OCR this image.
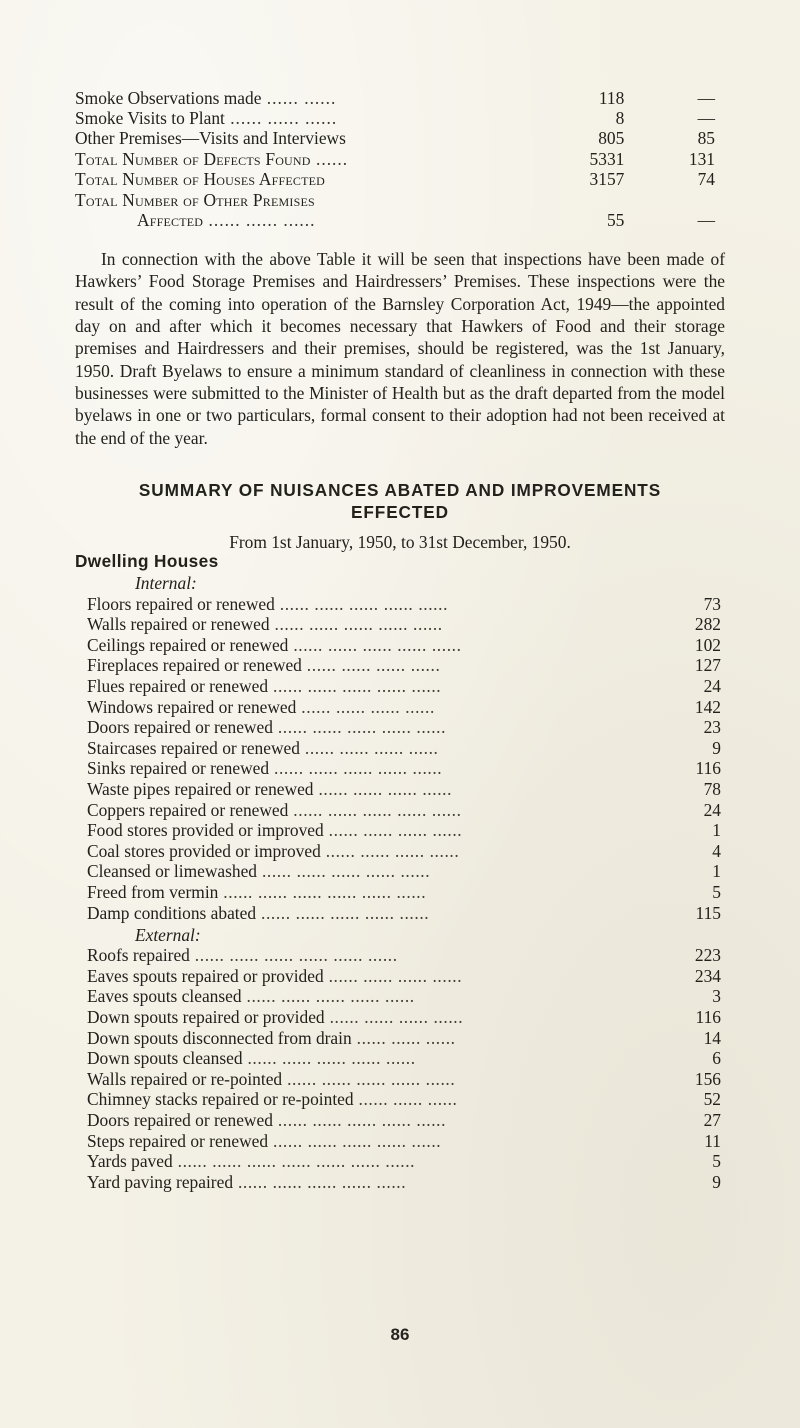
Smoke Observations made ...... ......	118	—
Smoke Visits to Plant ...... ...... ......	8	—
Other Premises—Visits and Interviews	805	85
Total Number of Defects Found ......	5331	131
Total Number of Houses Affected	3157	74
Total Number of Other Premises		
Affected ...... ...... ......	55	—

In connection with the above Table it will be seen that inspections have been made of Hawkers’ Food Storage Premises and Hairdressers’ Premises. These inspections were the result of the coming into operation of the Barnsley Corporation Act, 1949—the appointed day on and after which it becomes necessary that Hawkers of Food and their storage premises and Hairdressers and their premises, should be registered, was the 1st January, 1950. Draft Byelaws to ensure a minimum standard of cleanliness in connection with these businesses were submitted to the Minister of Health but as the draft departed from the model byelaws in one or two particulars, formal consent to their adoption had not been received at the end of the year.

SUMMARY OF NUISANCES ABATED AND IMPROVEMENTS
EFFECTED
From 1st January, 1950, to 31st December, 1950.
Dwelling Houses
Internal:
Floors repaired or renewed ...... ...... ...... ...... ......	73
Walls repaired or renewed ...... ...... ...... ...... ......	282
Ceilings repaired or renewed ...... ...... ...... ...... ......	102
Fireplaces repaired or renewed ...... ...... ...... ......	127
Flues repaired or renewed ...... ...... ...... ...... ......	24
Windows repaired or renewed ...... ...... ...... ......	142
Doors repaired or renewed ...... ...... ...... ...... ......	23
Staircases repaired or renewed ...... ...... ...... ......	9
Sinks repaired or renewed ...... ...... ...... ...... ......	116
Waste pipes repaired or renewed ...... ...... ...... ......	78
Coppers repaired or renewed ...... ...... ...... ...... ......	24
Food stores provided or improved ...... ...... ...... ......	1
Coal stores provided or improved ...... ...... ...... ......	4
Cleansed or limewashed ...... ...... ...... ...... ......	1
Freed from vermin ...... ...... ...... ...... ...... ......	5
Damp conditions abated ...... ...... ...... ...... ......	115
External:
Roofs repaired ...... ...... ...... ...... ...... ......	223
Eaves spouts repaired or provided ...... ...... ...... ......	234
Eaves spouts cleansed ...... ...... ...... ...... ......	3
Down spouts repaired or provided ...... ...... ...... ......	116
Down spouts disconnected from drain ...... ...... ......	14
Down spouts cleansed ...... ...... ...... ...... ......	6
Walls repaired or re-pointed ...... ...... ...... ...... ......	156
Chimney stacks repaired or re-pointed ...... ...... ......	52
Doors repaired or renewed ...... ...... ...... ...... ......	27
Steps repaired or renewed ...... ...... ...... ...... ......	11
Yards paved ...... ...... ...... ...... ...... ...... ......	5
Yard paving repaired ...... ...... ...... ...... ......	9
86
